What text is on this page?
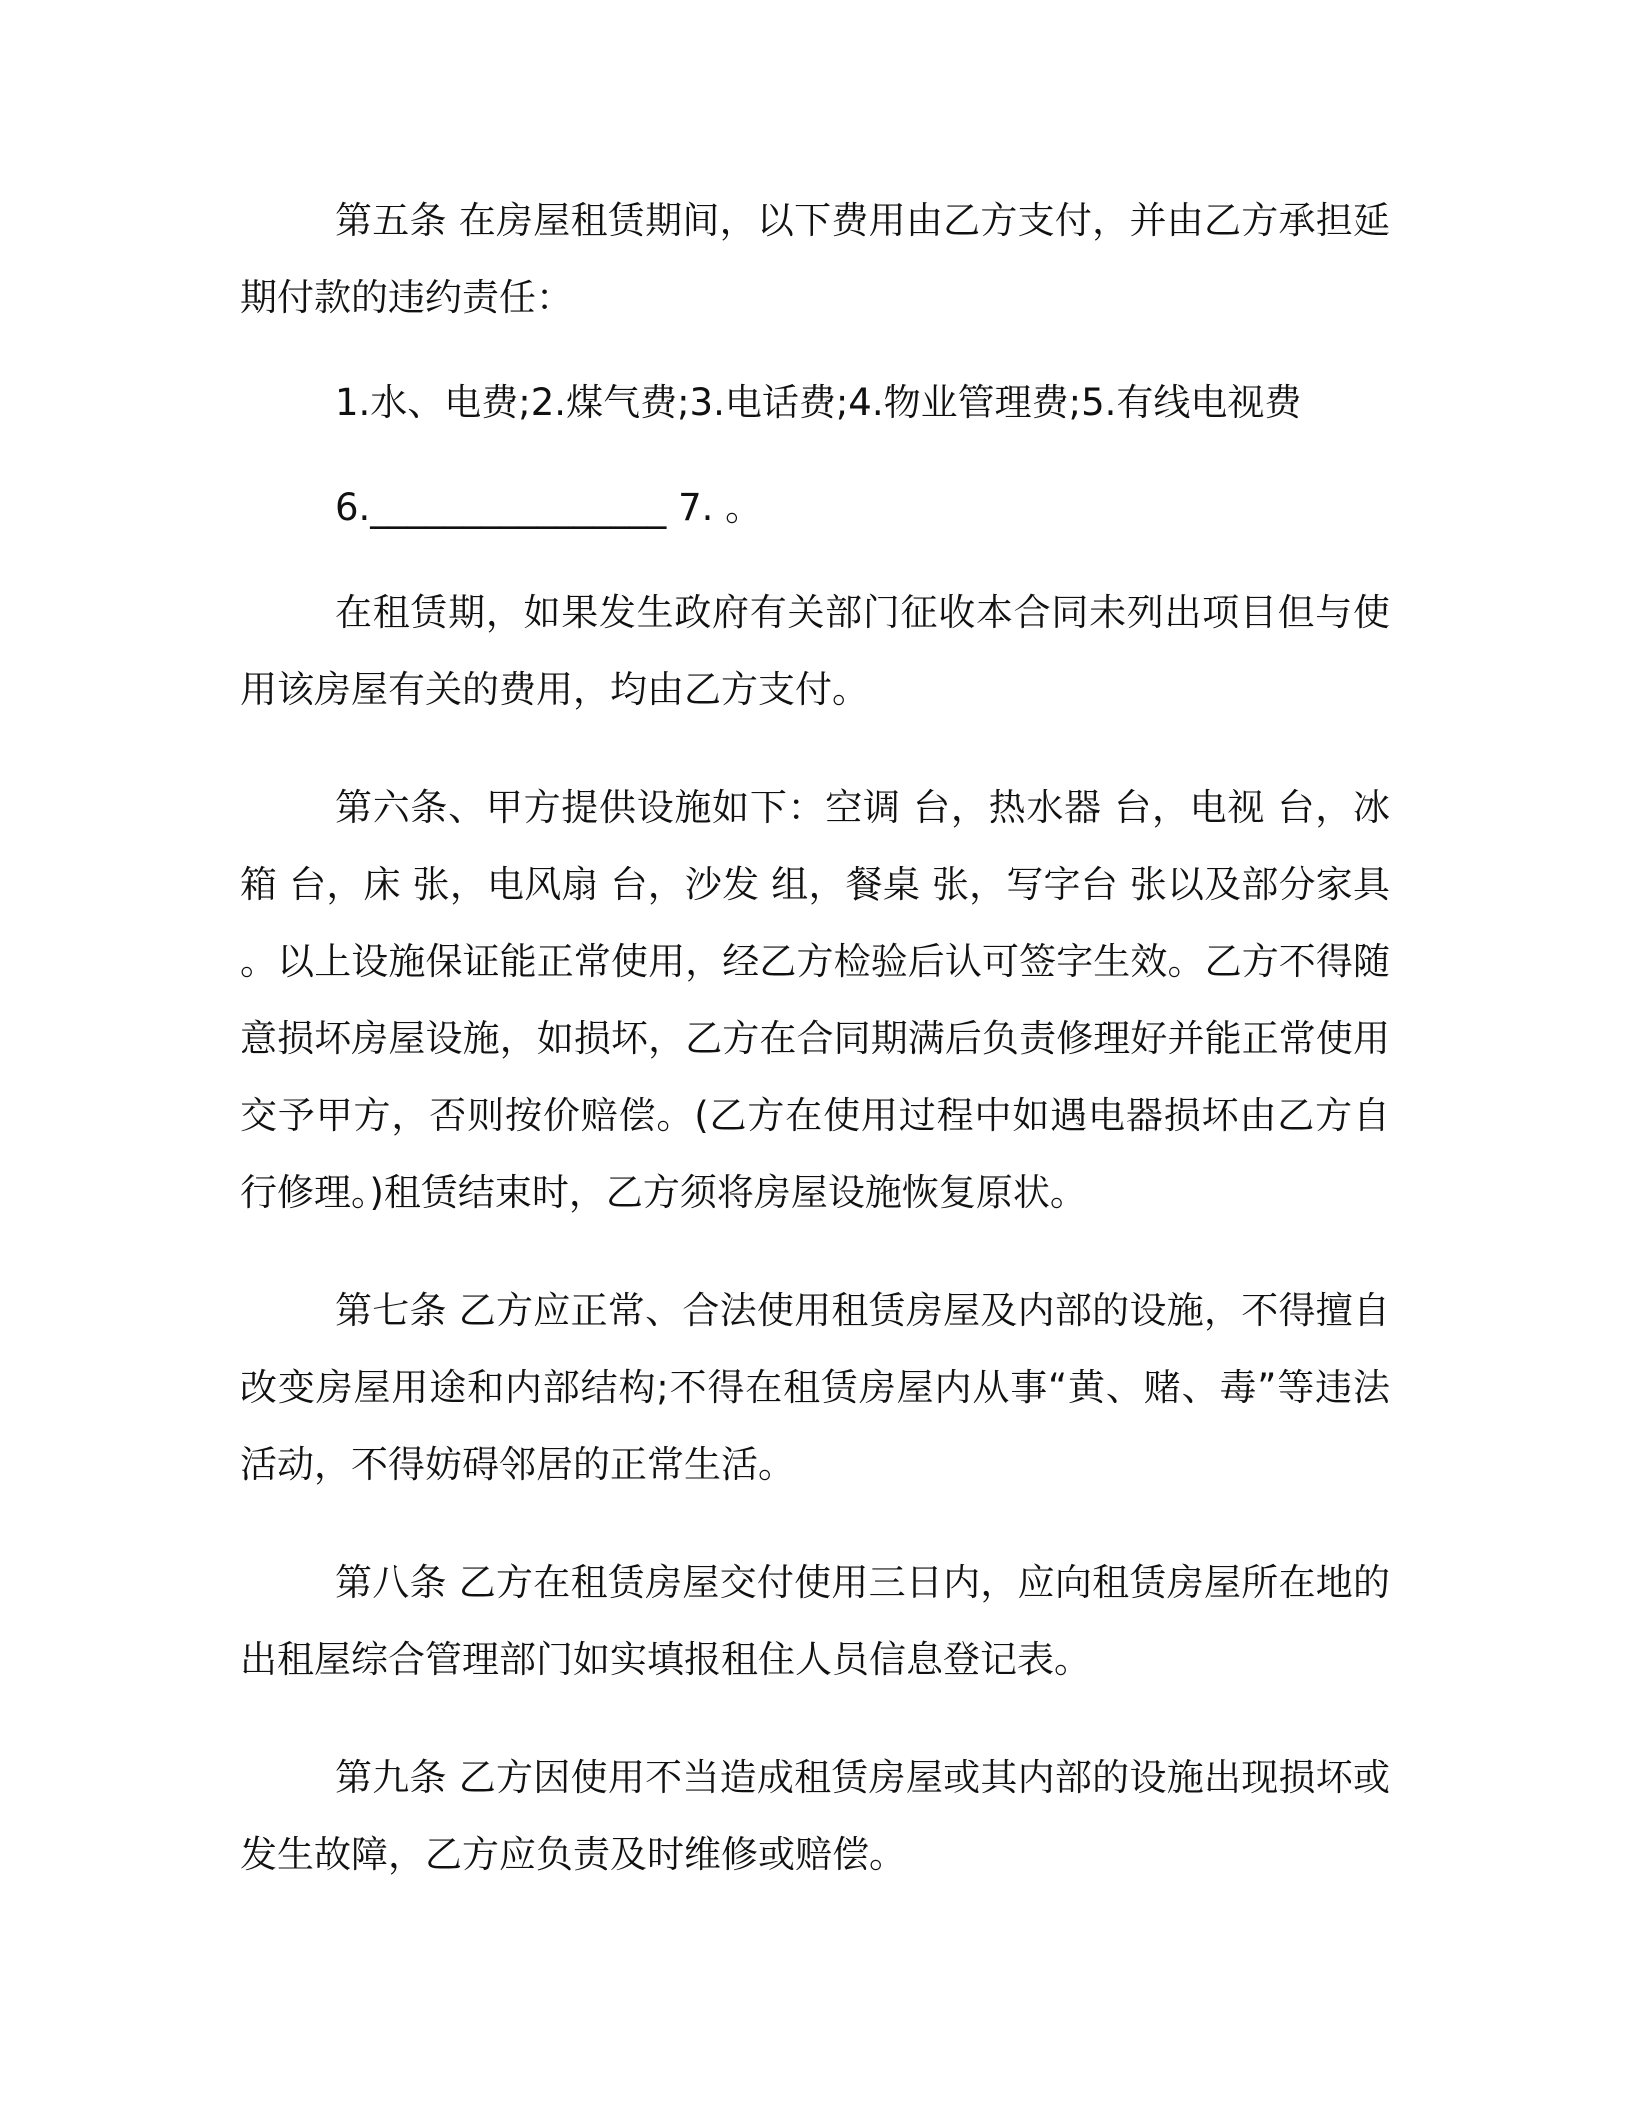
第五条 在房屋租赁期间，以下费用由乙方支付，并由乙方承担延期付款的违约责任：

1.水、电费;2.煤气费;3.电话费;4.物业管理费;5.有线电视费

6.________________ 7. 。

在租赁期，如果发生政府有关部门征收本合同未列出项目但与使用该房屋有关的费用，均由乙方支付。

第六条、甲方提供设施如下：空调 台，热水器 台，电视 台，冰箱 台，床 张，电风扇 台，沙发 组，餐桌 张，写字台 张以及部分家具 。以上设施保证能正常使用，经乙方检验后认可签字生效。乙方不得随意损坏房屋设施，如损坏，乙方在合同期满后负责修理好并能正常使用交予甲方，否则按价赔偿。(乙方在使用过程中如遇电器损坏由乙方自行修理。)租赁结束时，乙方须将房屋设施恢复原状。

第七条 乙方应正常、合法使用租赁房屋及内部的设施，不得擅自改变房屋用途和内部结构;不得在租赁房屋内从事“黄、赌、毒”等违法活动，不得妨碍邻居的正常生活。

第八条 乙方在租赁房屋交付使用三日内，应向租赁房屋所在地的出租屋综合管理部门如实填报租住人员信息登记表。

第九条 乙方因使用不当造成租赁房屋或其内部的设施出现损坏或发生故障，乙方应负责及时维修或赔偿。
